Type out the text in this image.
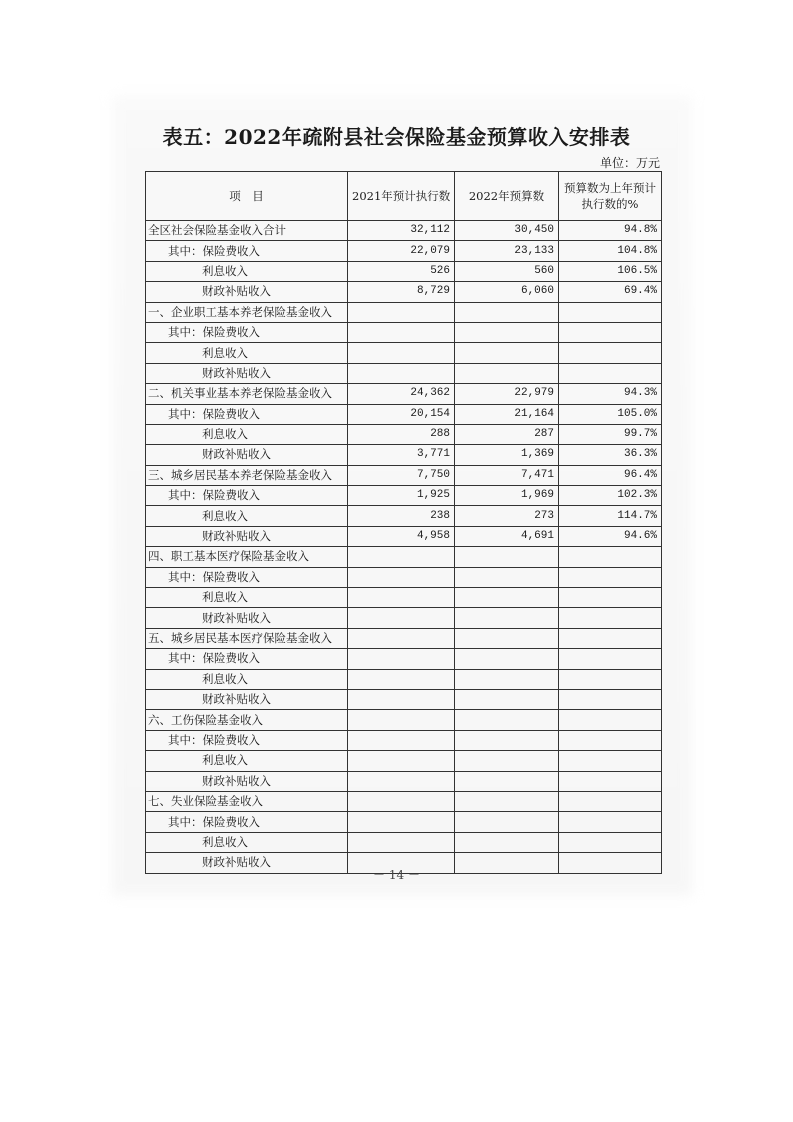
表五：2022年疏附县社会保险基金预算收入安排表
单位：万元
项　目	2021年预计执行数	2022年预算数	预算数为上年预计
执行数的%
全区社会保险基金收入合计	32,112	30,450	94.8%
其中：保险费收入	22,079	23,133	104.8%
利息收入	526	560	106.5%
财政补贴收入	8,729	6,060	69.4%
一、企业职工基本养老保险基金收入			
其中：保险费收入			
利息收入			
财政补贴收入			
二、机关事业基本养老保险基金收入	24,362	22,979	94.3%
其中：保险费收入	20,154	21,164	105.0%
利息收入	288	287	99.7%
财政补贴收入	3,771	1,369	36.3%
三、城乡居民基本养老保险基金收入	7,750	7,471	96.4%
其中：保险费收入	1,925	1,969	102.3%
利息收入	238	273	114.7%
财政补贴收入	4,958	4,691	94.6%
四、职工基本医疗保险基金收入			
其中：保险费收入			
利息收入			
财政补贴收入			
五、城乡居民基本医疗保险基金收入			
其中：保险费收入			
利息收入			
财政补贴收入			
六、工伤保险基金收入			
其中：保险费收入			
利息收入			
财政补贴收入			
七、失业保险基金收入			
其中：保险费收入			
利息收入			
财政补贴收入			
－ 14 －
